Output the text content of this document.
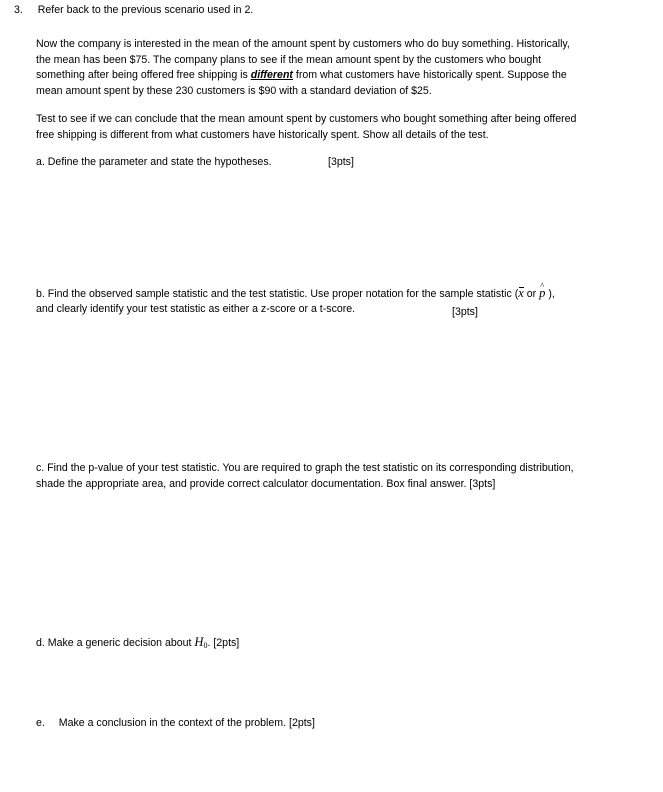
3. Refer back to the previous scenario used in 2.
Now the company is interested in the mean of the amount spent by customers who do buy something. Historically,
the mean has been $75. The company plans to see if the mean amount spent by the customers who bought
something after being offered free shipping is different from what customers have historically spent. Suppose the
mean amount spent by these 230 customers is $90 with a standard deviation of $25.
Test to see if we can conclude that the mean amount spent by customers who bought something after being offered
free shipping is different from what customers have historically spent. Show all details of the test.
a. Define the parameter and state the hypotheses.	[3pts]
b. Find the observed sample statistic and the test statistic. Use proper notation for the sample statistic (x or ^ p ),
and clearly identify your test statistic as either a z-score or a t-score.	[3pts]
c. Find the p-value of your test statistic. You are required to graph the test statistic on its corresponding distribution,
shade the appropriate area, and provide correct calculator documentation. Box final answer. [3pts]
d. Make a generic decision about $H_0$. [2pts]
e. Make a conclusion in the context of the problem. [2pts]
